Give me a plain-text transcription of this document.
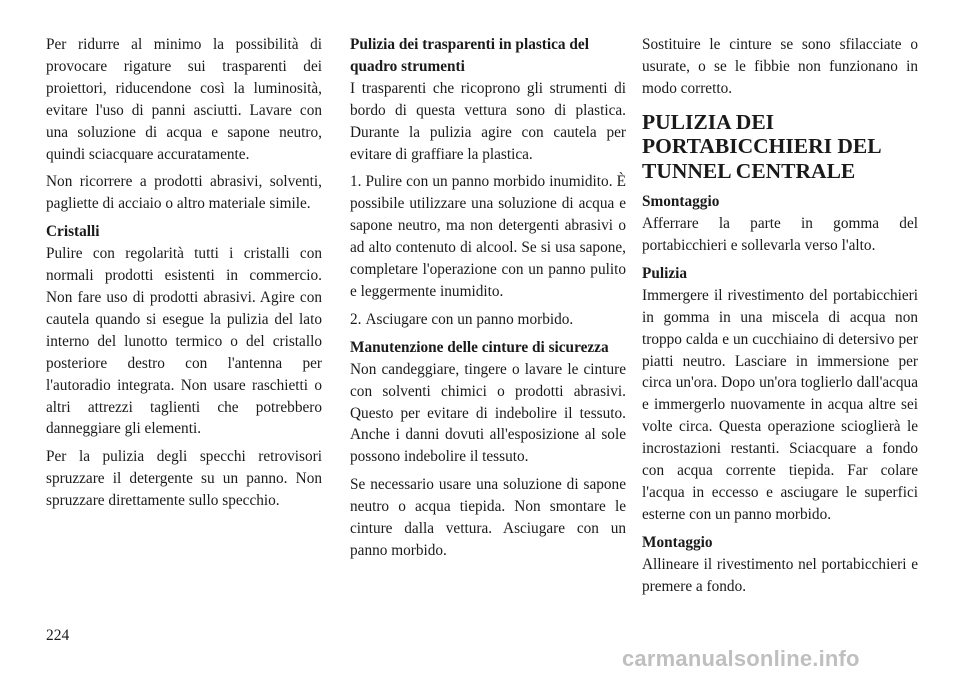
Per ridurre al minimo la possibilità di provocare rigature sui trasparenti dei proiettori, riducendone così la luminosità, evitare l'uso di panni asciutti. Lavare con una soluzione di acqua e sapone neutro, quindi sciacquare accuratamente.

Non ricorrere a prodotti abrasivi, solventi, pagliette di acciaio o altro materiale simile.

Cristalli

Pulire con regolarità tutti i cristalli con normali prodotti esistenti in commercio. Non fare uso di prodotti abrasivi. Agire con cautela quando si esegue la pulizia del lato interno del lunotto termico o del cristallo posteriore destro con l'antenna per l'autoradio integrata. Non usare raschietti o altri attrezzi taglienti che potrebbero danneggiare gli elementi.

Per la pulizia degli specchi retrovisori spruzzare il detergente su un panno. Non spruzzare direttamente sullo specchio.

Pulizia dei trasparenti in plastica del quadro strumenti

I trasparenti che ricoprono gli strumenti di bordo di questa vettura sono di plastica. Durante la pulizia agire con cautela per evitare di graffiare la plastica.

1. Pulire con un panno morbido inumidito. È possibile utilizzare una soluzione di acqua e sapone neutro, ma non detergenti abrasivi o ad alto contenuto di alcool. Se si usa sapone, completare l'operazione con un panno pulito e leggermente inumidito.

2. Asciugare con un panno morbido.

Manutenzione delle cinture di sicurezza

Non candeggiare, tingere o lavare le cinture con solventi chimici o prodotti abrasivi. Questo per evitare di indebolire il tessuto. Anche i danni dovuti all'esposizione al sole possono indebolire il tessuto.

Se necessario usare una soluzione di sapone neutro o acqua tiepida. Non smontare le cinture dalla vettura. Asciugare con un panno morbido.

Sostituire le cinture se sono sfilacciate o usurate, o se le fibbie non funzionano in modo corretto.

PULIZIA DEI PORTABICCHIERI DEL TUNNEL CENTRALE

Smontaggio

Afferrare la parte in gomma del portabicchieri e sollevarla verso l'alto.

Pulizia

Immergere il rivestimento del portabicchieri in gomma in una miscela di acqua non troppo calda e un cucchiaino di detersivo per piatti neutro. Lasciare in immersione per circa un'ora. Dopo un'ora toglierlo dall'acqua e immergerlo nuovamente in acqua altre sei volte circa. Questa operazione scioglierà le incrostazioni restanti. Sciacquare a fondo con acqua corrente tiepida. Far colare l'acqua in eccesso e asciugare le superfici esterne con un panno morbido.

Montaggio

Allineare il rivestimento nel portabicchieri e premere a fondo.

224
carmanualsonline.info
